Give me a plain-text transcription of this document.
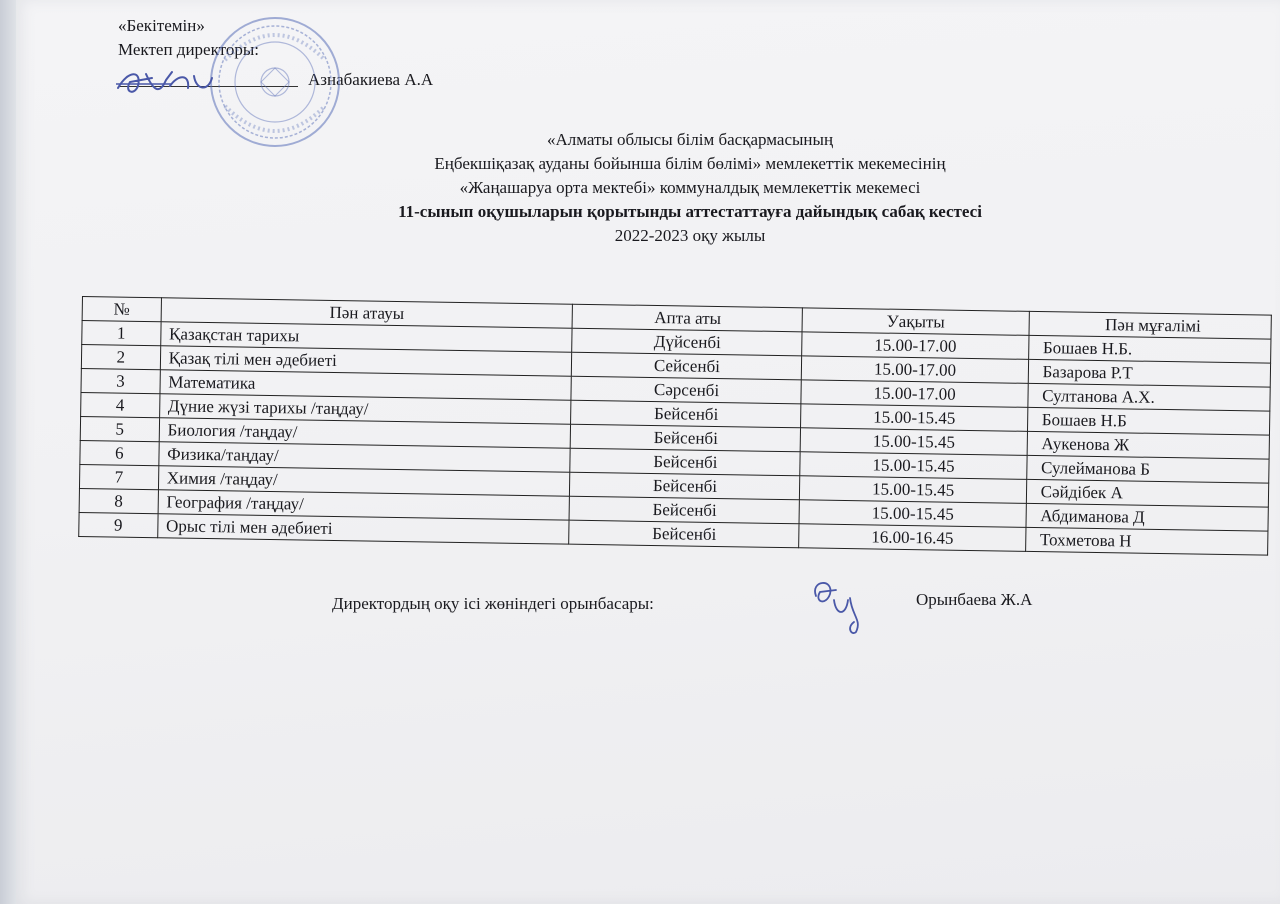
«Бекітемін»
Мектеп директоры:
Азнабакиева А.А
«Алматы облысы білім басқармасының
Еңбекшіқазақ ауданы бойынша білім бөлімі» мемлекеттік мекемесінің
«Жаңашаруа орта мектебі» коммуналдық мемлекеттік мекемесі
11-сынып оқушыларын қорытынды аттестаттауға дайындық сабақ кестесі
2022-2023 оқу жылы
№	Пән атауы	Апта аты	Уақыты	Пән мұғалімі
1	Қазақстан тарихы	Дүйсенбі	15.00-17.00	Бошаев Н.Б.
2	Қазақ тілі мен әдебиеті	Сейсенбі	15.00-17.00	Базарова Р.Т
3	Математика	Сәрсенбі	15.00-17.00	Султанова А.Х.
4	Дүние жүзі тарихы /таңдау/	Бейсенбі	15.00-15.45	Бошаев Н.Б
5	Биология /таңдау/	Бейсенбі	15.00-15.45	Аукенова Ж
6	Физика/таңдау/	Бейсенбі	15.00-15.45	Сулейманова Б
7	Химия /таңдау/	Бейсенбі	15.00-15.45	Сәйдібек А
8	География /таңдау/	Бейсенбі	15.00-15.45	Абдиманова Д
9	Орыс тілі мен әдебиеті	Бейсенбі	16.00-16.45	Тохметова Н
Директордың оқу ісі жөніндегі орынбасары:	Орынбаева Ж.А
